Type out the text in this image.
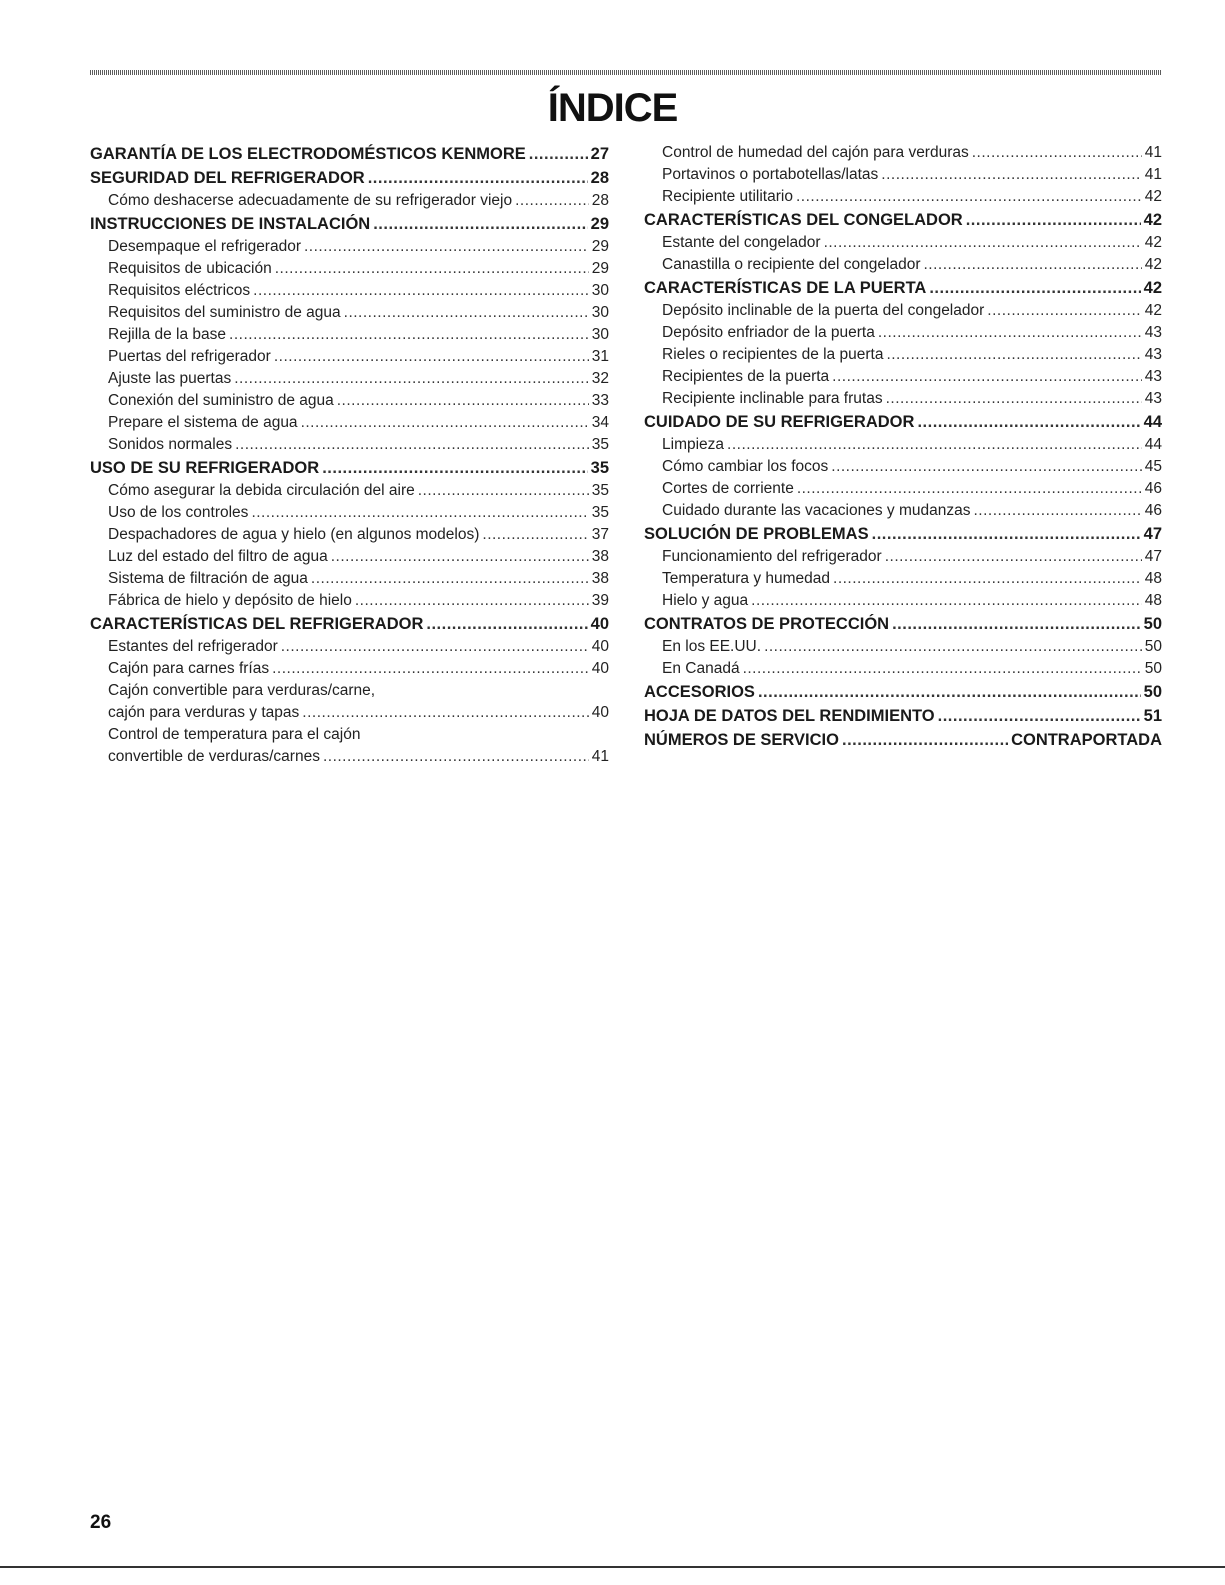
ÍNDICE
GARANTÍA DE LOS ELECTRODOMÉSTICOS KENMORE .....	27
SEGURIDAD DEL REFRIGERADOR .....	28
Cómo deshacerse adecuadamente de su refrigerador viejo .....	28
INSTRUCCIONES DE INSTALACIÓN .....	29
Desempaque el refrigerador .....	29
Requisitos de ubicación .....	29
Requisitos eléctricos .....	30
Requisitos del suministro de agua .....	30
Rejilla de la base .....	30
Puertas del refrigerador .....	31
Ajuste las puertas .....	32
Conexión del suministro de agua .....	33
Prepare el sistema de agua .....	34
Sonidos normales .....	35
USO DE SU REFRIGERADOR .....	35
Cómo asegurar la debida circulación del aire .....	35
Uso de los controles .....	35
Despachadores de agua y hielo (en algunos modelos) .....	37
Luz del estado del filtro de agua .....	38
Sistema de filtración de agua .....	38
Fábrica de hielo y depósito de hielo .....	39
CARACTERÍSTICAS DEL REFRIGERADOR .....	40
Estantes del refrigerador .....	40
Cajón para carnes frías .....	40
Cajón convertible para verduras/carne,
cajón para verduras y tapas .....	40
Control de temperatura para el cajón
convertible de verduras/carnes .....	41
Control de humedad del cajón para verduras .....	41
Portavinos o portabotellas/latas .....	41
Recipiente utilitario .....	42
CARACTERÍSTICAS DEL CONGELADOR .....	42
Estante del congelador .....	42
Canastilla o recipiente del congelador .....	42
CARACTERÍSTICAS DE LA PUERTA .....	42
Depósito inclinable de la puerta del congelador .....	42
Depósito enfriador de la puerta .....	43
Rieles o recipientes de la puerta .....	43
Recipientes de la puerta .....	43
Recipiente inclinable para frutas .....	43
CUIDADO DE SU REFRIGERADOR .....	44
Limpieza .....	44
Cómo cambiar los focos .....	45
Cortes de corriente .....	46
Cuidado durante las vacaciones y mudanzas .....	46
SOLUCIÓN DE PROBLEMAS .....	47
Funcionamiento del refrigerador .....	47
Temperatura y humedad .....	48
Hielo y agua .....	48
CONTRATOS DE PROTECCIÓN .....	50
En los EE.UU. .....	50
En Canadá .....	50
ACCESORIOS .....	50
HOJA DE DATOS DEL RENDIMIENTO .....	51
NÚMEROS DE SERVICIO .....	CONTRAPORTADA
26
